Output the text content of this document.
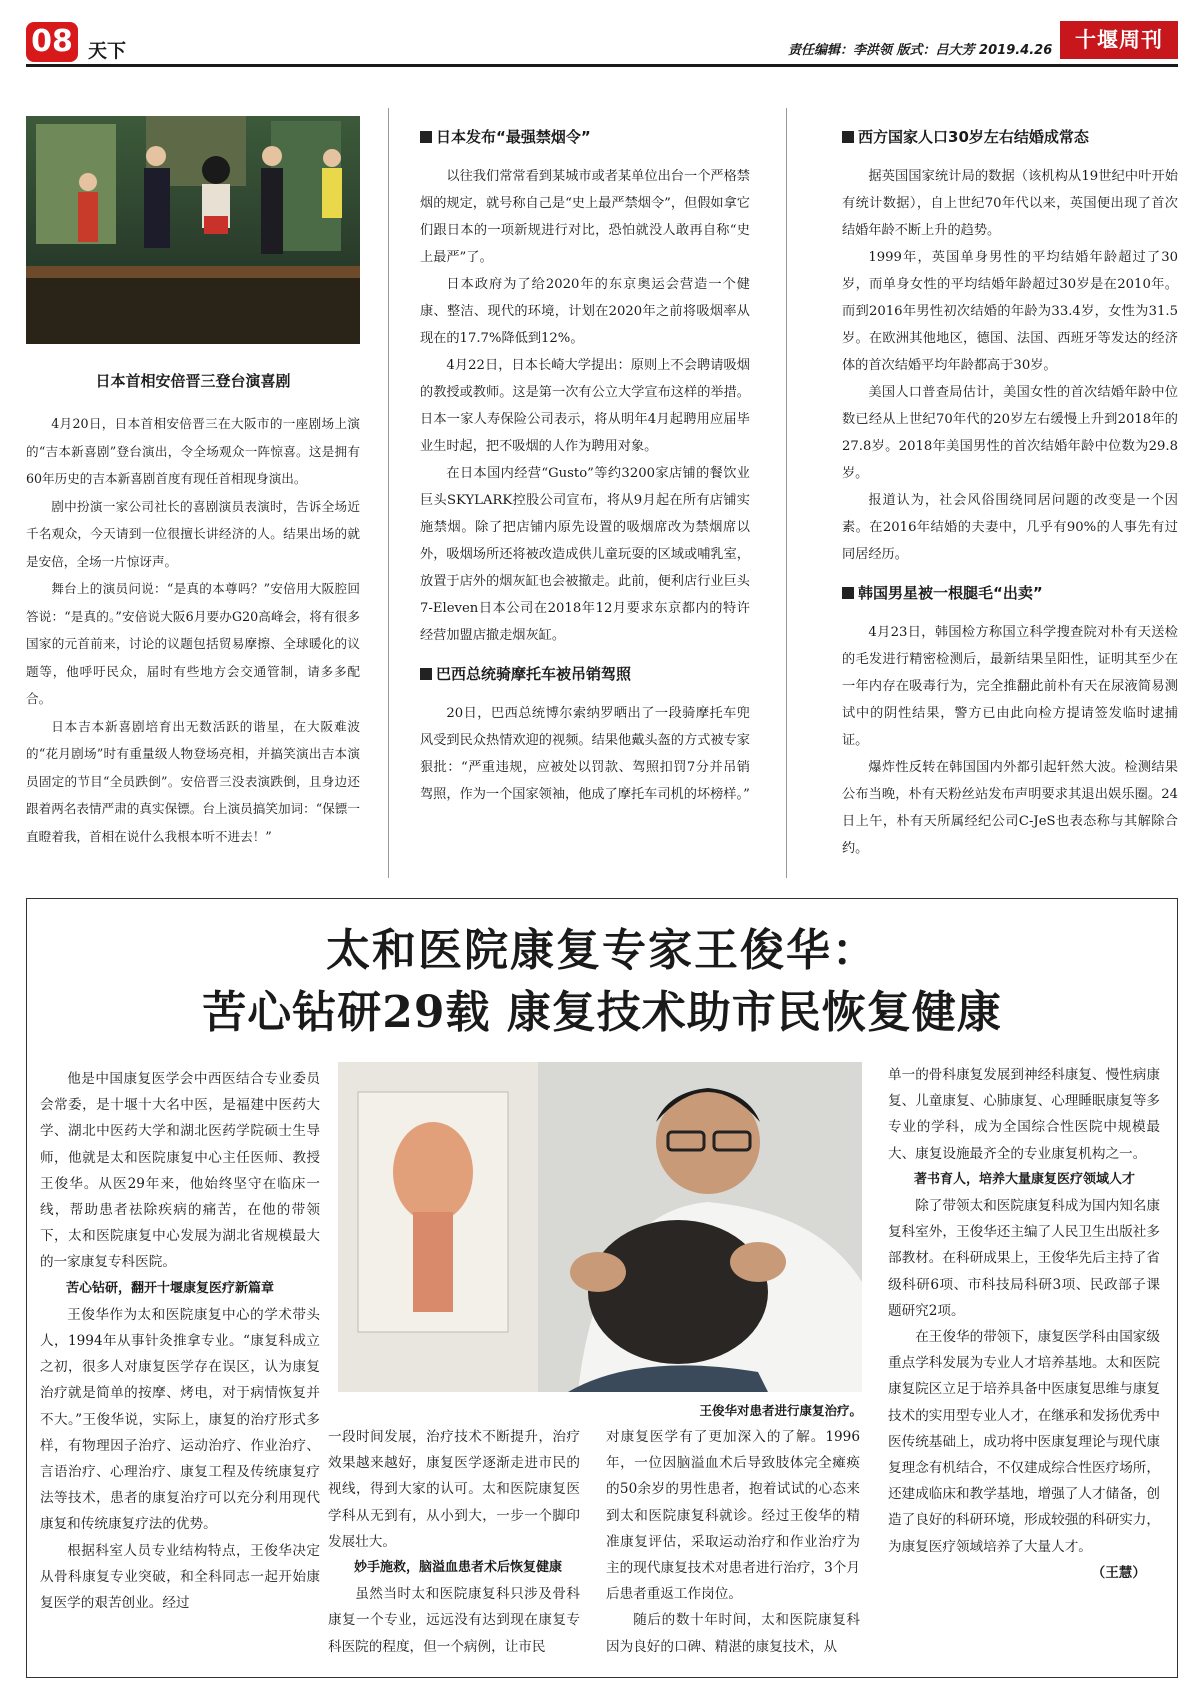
08 天下	责任编辑：李洪领 版式：吕大芳 2019.4.26	十堰周刊
日本首相安倍晋三登台演喜剧

4月20日，日本首相安倍晋三在大阪市的一座剧场上演的“吉本新喜剧”登台演出，令全场观众一阵惊喜。这是拥有60年历史的吉本新喜剧首度有现任首相现身演出。

剧中扮演一家公司社长的喜剧演员表演时，告诉全场近千名观众，今天请到一位很擅长讲经济的人。结果出场的就是安倍，全场一片惊讶声。

舞台上的演员问说：“是真的本尊吗？”安倍用大阪腔回答说：“是真的。”安倍说大阪6月要办G20高峰会，将有很多国家的元首前来，讨论的议题包括贸易摩擦、全球暖化的议题等，他呼吁民众，届时有些地方会交通管制，请多多配合。

日本吉本新喜剧培育出无数活跃的谐星，在大阪难波的“花月剧场”时有重量级人物登场亮相，并搞笑演出吉本演员固定的节目“全员跌倒”。安倍晋三没表演跌倒，且身边还跟着两名表情严肃的真实保镖。台上演员搞笑加词：“保镖一直瞪着我，首相在说什么我根本听不进去！”

日本发布“最强禁烟令”

以往我们常常看到某城市或者某单位出台一个严格禁烟的规定，就号称自己是“史上最严禁烟令”，但假如拿它们跟日本的一项新规进行对比，恐怕就没人敢再自称“史上最严”了。

日本政府为了给2020年的东京奥运会营造一个健康、整洁、现代的环境，计划在2020年之前将吸烟率从现在的17.7%降低到12%。

4月22日，日本长崎大学提出：原则上不会聘请吸烟的教授或教师。这是第一次有公立大学宣布这样的举措。日本一家人寿保险公司表示，将从明年4月起聘用应届毕业生时起，把不吸烟的人作为聘用对象。

在日本国内经营“Gusto”等约3200家店铺的餐饮业巨头SKYLARK控股公司宣布，将从9月起在所有店铺实施禁烟。除了把店铺内原先设置的吸烟席改为禁烟席以外，吸烟场所还将被改造成供儿童玩耍的区域或哺乳室，放置于店外的烟灰缸也会被撤走。此前，便利店行业巨头7-Eleven日本公司在2018年12月要求东京都内的特许经营加盟店撤走烟灰缸。

巴西总统骑摩托车被吊销驾照

20日，巴西总统博尔索纳罗晒出了一段骑摩托车兜风受到民众热情欢迎的视频。结果他戴头盔的方式被专家狠批：“严重违规，应被处以罚款、驾照扣罚7分并吊销驾照，作为一个国家领袖，他成了摩托车司机的坏榜样。”

西方国家人口30岁左右结婚成常态

据英国国家统计局的数据（该机构从19世纪中叶开始有统计数据），自上世纪70年代以来，英国便出现了首次结婚年龄不断上升的趋势。

1999年，英国单身男性的平均结婚年龄超过了30岁，而单身女性的平均结婚年龄超过30岁是在2010年。而到2016年男性初次结婚的年龄为33.4岁，女性为31.5岁。在欧洲其他地区，德国、法国、西班牙等发达的经济体的首次结婚平均年龄都高于30岁。

美国人口普查局估计，美国女性的首次结婚年龄中位数已经从上世纪70年代的20岁左右缓慢上升到2018年的27.8岁。2018年美国男性的首次结婚年龄中位数为29.8岁。

报道认为，社会风俗围绕同居问题的改变是一个因素。在2016年结婚的夫妻中，几乎有90%的人事先有过同居经历。

韩国男星被一根腿毛“出卖”

4月23日，韩国检方称国立科学搜查院对朴有天送检的毛发进行精密检测后，最新结果呈阳性，证明其至少在一年内存在吸毒行为，完全推翻此前朴有天在尿液简易测试中的阴性结果，警方已由此向检方提请签发临时逮捕证。

爆炸性反转在韩国国内外都引起轩然大波。检测结果公布当晚，朴有天粉丝站发布声明要求其退出娱乐圈。24日上午，朴有天所属经纪公司C-JeS也表态称与其解除合约。

太和医院康复专家王俊华：
苦心钻研29载 康复技术助市民恢复健康

他是中国康复医学会中西医结合专业委员会常委，是十堰十大名中医，是福建中医药大学、湖北中医药大学和湖北医药学院硕士生导师，他就是太和医院康复中心主任医师、教授王俊华。从医29年来，他始终坚守在临床一线，帮助患者祛除疾病的痛苦，在他的带领下，太和医院康复中心发展为湖北省规模最大的一家康复专科医院。

苦心钻研，翻开十堰康复医疗新篇章

王俊华作为太和医院康复中心的学术带头人，1994年从事针灸推拿专业。“康复科成立之初，很多人对康复医学存在误区，认为康复治疗就是简单的按摩、烤电，对于病情恢复并不大。”王俊华说，实际上，康复的治疗形式多样，有物理因子治疗、运动治疗、作业治疗、言语治疗、心理治疗、康复工程及传统康复疗法等技术，患者的康复治疗可以充分利用现代康复和传统康复疗法的优势。

根据科室人员专业结构特点，王俊华决定从骨科康复专业突破，和全科同志一起开始康复医学的艰苦创业。经过

王俊华对患者进行康复治疗。

一段时间发展，治疗技术不断提升，治疗效果越来越好，康复医学逐渐走进市民的视线，得到大家的认可。太和医院康复医学科从无到有，从小到大，一步一个脚印发展壮大。

妙手施救，脑溢血患者术后恢复健康

虽然当时太和医院康复科只涉及骨科康复一个专业，远远没有达到现在康复专科医院的程度，但一个病例，让市民

对康复医学有了更加深入的了解。1996年，一位因脑溢血术后导致肢体完全瘫痪的50余岁的男性患者，抱着试试的心态来到太和医院康复科就诊。经过王俊华的精准康复评估，采取运动治疗和作业治疗为主的现代康复技术对患者进行治疗，3个月后患者重返工作岗位。

随后的数十年时间，太和医院康复科因为良好的口碑、精湛的康复技术，从

单一的骨科康复发展到神经科康复、慢性病康复、儿童康复、心肺康复、心理睡眠康复等多专业的学科，成为全国综合性医院中规模最大、康复设施最齐全的专业康复机构之一。

著书育人，培养大量康复医疗领域人才

除了带领太和医院康复科成为国内知名康复科室外，王俊华还主编了人民卫生出版社多部教材。在科研成果上，王俊华先后主持了省级科研6项、市科技局科研3项、民政部子课题研究2项。

在王俊华的带领下，康复医学科由国家级重点学科发展为专业人才培养基地。太和医院康复院区立足于培养具备中医康复思维与康复技术的实用型专业人才，在继承和发扬优秀中医传统基础上，成功将中医康复理论与现代康复理念有机结合，不仅建成综合性医疗场所，还建成临床和教学基地，增强了人才储备，创造了良好的科研环境，形成较强的科研实力，为康复医疗领域培养了大量人才。

（王慧）
